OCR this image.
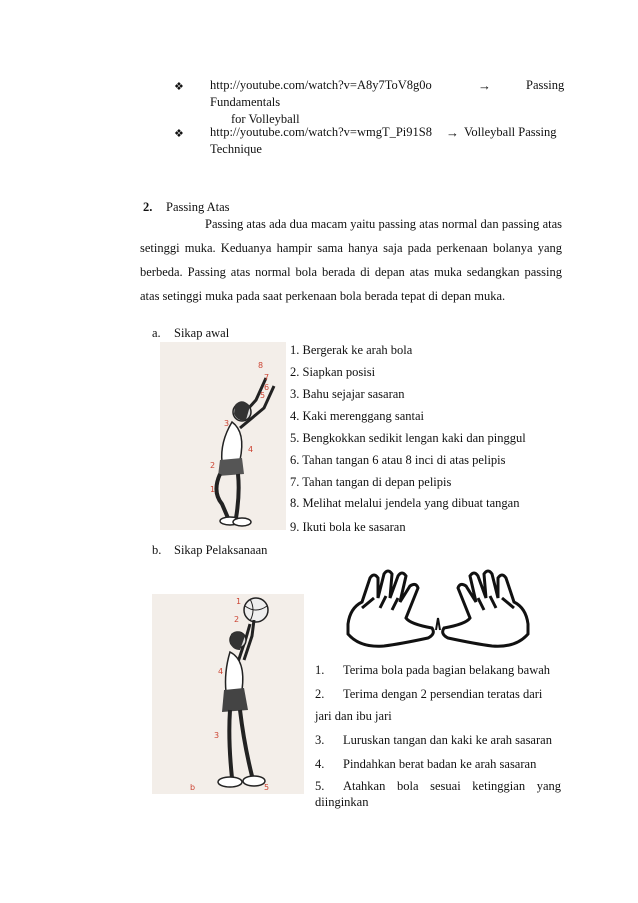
❖ http://youtube.com/watch?v=A8y7ToV8g0o	→	Passing
Fundamentals
for Volleyball
❖ http://youtube.com/watch?v=wmgT_Pi91S8 → Volleyball Passing
Technique
2. Passing Atas

Passing atas ada dua macam yaitu passing atas normal dan passing atas setinggi muka. Keduanya hampir sama hanya saja pada perkenaan bolanya yang berbeda. Passing atas normal bola berada di depan atas muka sedangkan passing atas setinggi muka pada saat perkenaan bola berada tepat di depan muka.

a. Sikap awal
8
7
6
5
3
4
2
1
1. Bergerak ke arah bola
2. Siapkan posisi
3. Bahu sejajar sasaran
4. Kaki merenggang santai
5. Bengkokkan sedikit lengan kaki dan pinggul
6. Tahan tangan 6 atau 8 inci di atas pelipis
7. Tahan tangan di depan pelipis
8. Melihat melalui jendela yang dibuat tangan
9. Ikuti bola ke sasaran
b. Sikap Pelaksanaan
1
2
4
3
b	5
1. Terima bola pada bagian belakang bawah
2. Terima dengan 2 persendian teratas dari
jari dan ibu jari
3. Luruskan tangan dan kaki ke arah sasaran
4. Pindahkan berat badan ke arah sasaran
5. Atahkan bola sesuai ketinggian yang
diinginkan
